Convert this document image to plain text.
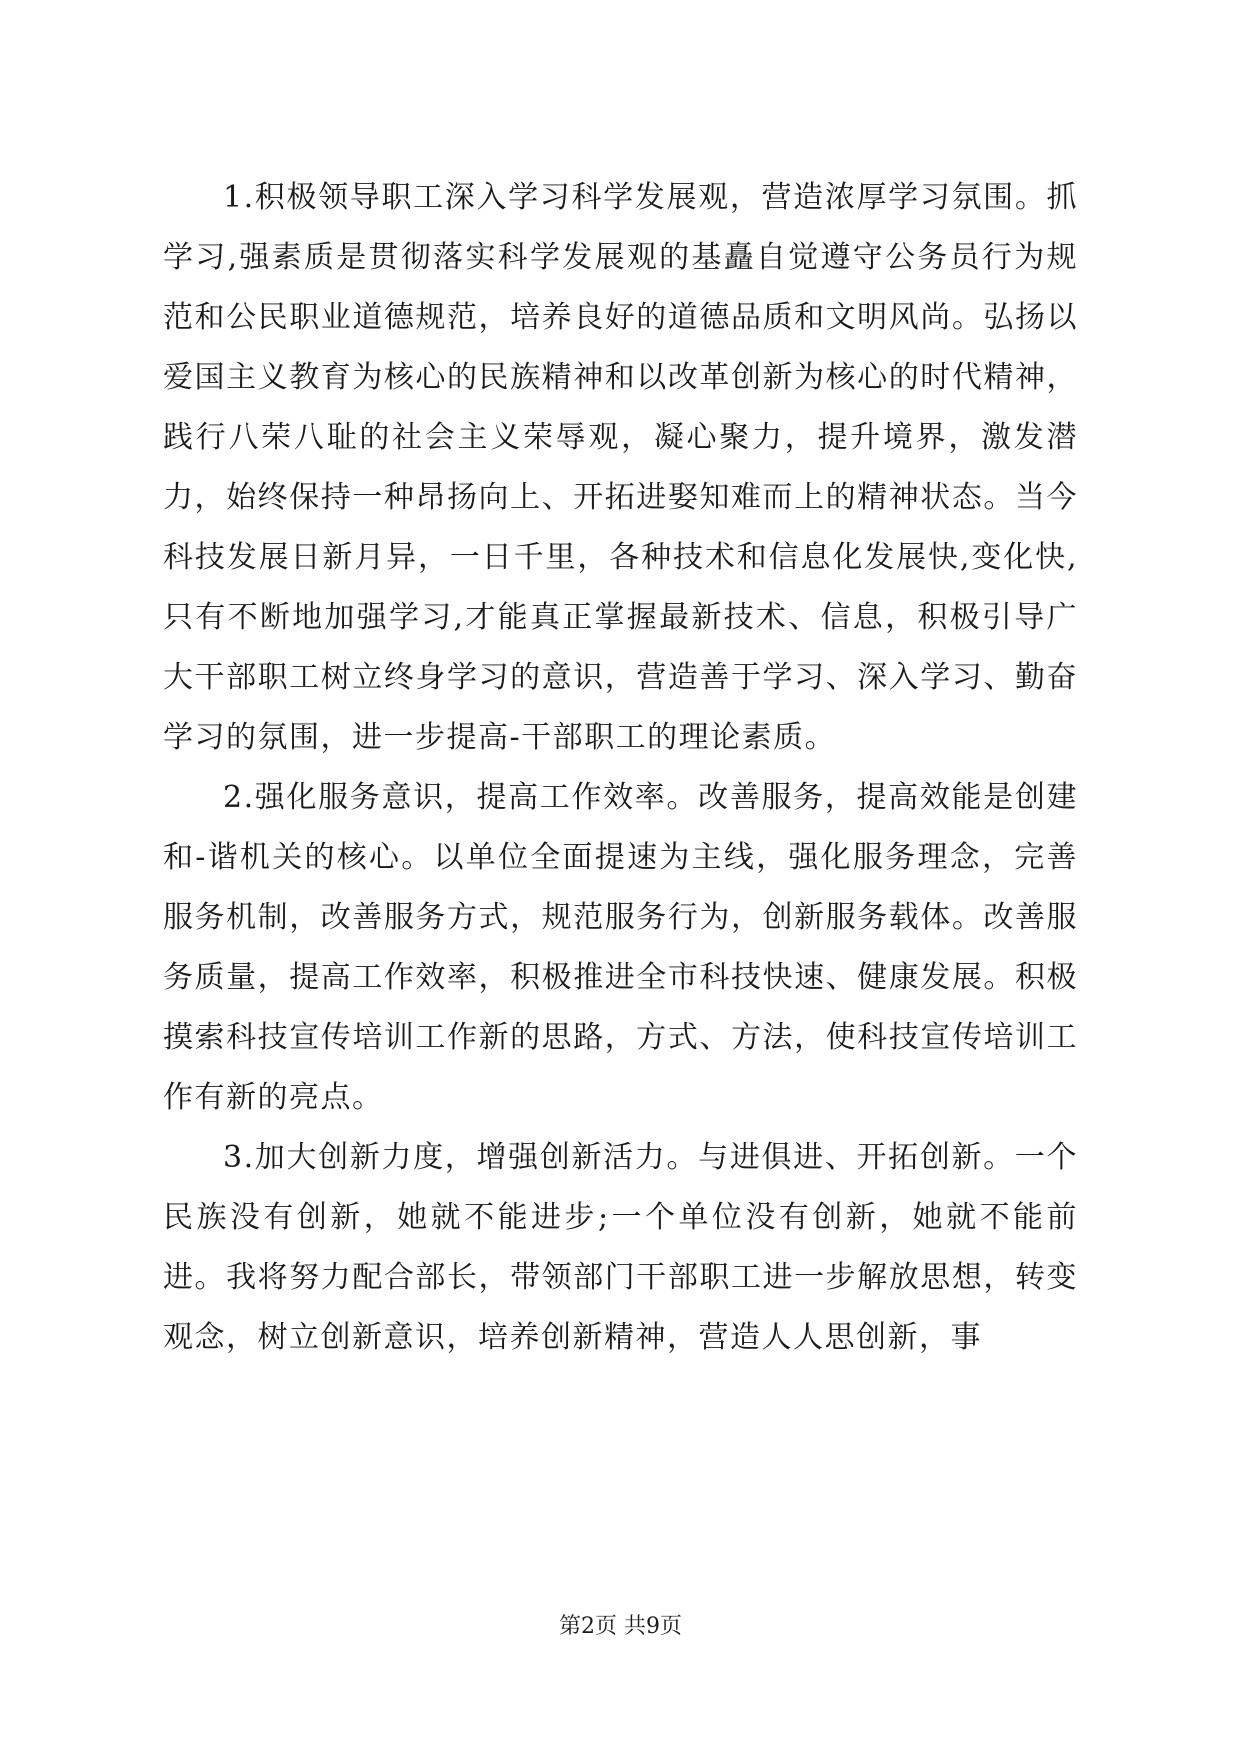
1.积极领导职工深入学习科学发展观，营造浓厚学习氛围。抓学习,强素质是贯彻落实科学发展观的基矗自觉遵守公务员行为规范和公民职业道德规范，培养良好的道德品质和文明风尚。弘扬以爱国主义教育为核心的民族精神和以改革创新为核心的时代精神，践行八荣八耻的社会主义荣辱观，凝心聚力，提升境界，激发潜力，始终保持一种昂扬向上、开拓进娶知难而上的精神状态。当今科技发展日新月异，一日千里，各种技术和信息化发展快,变化快,只有不断地加强学习,才能真正掌握最新技术、信息，积极引导广大干部职工树立终身学习的意识，营造善于学习、深入学习、勤奋学习的氛围，进一步提高-干部职工的理论素质。

2.强化服务意识，提高工作效率。改善服务，提高效能是创建和-谐机关的核心。以单位全面提速为主线，强化服务理念，完善服务机制，改善服务方式，规范服务行为，创新服务载体。改善服务质量，提高工作效率，积极推进全市科技快速、健康发展。积极摸索科技宣传培训工作新的思路，方式、方法，使科技宣传培训工作有新的亮点。

3.加大创新力度，增强创新活力。与进俱进、开拓创新。一个民族没有创新，她就不能进步;一个单位没有创新，她就不能前进。我将努力配合部长，带领部门干部职工进一步解放思想，转变观念，树立创新意识，培养创新精神，营造人人思创新，事

第2页 共9页
